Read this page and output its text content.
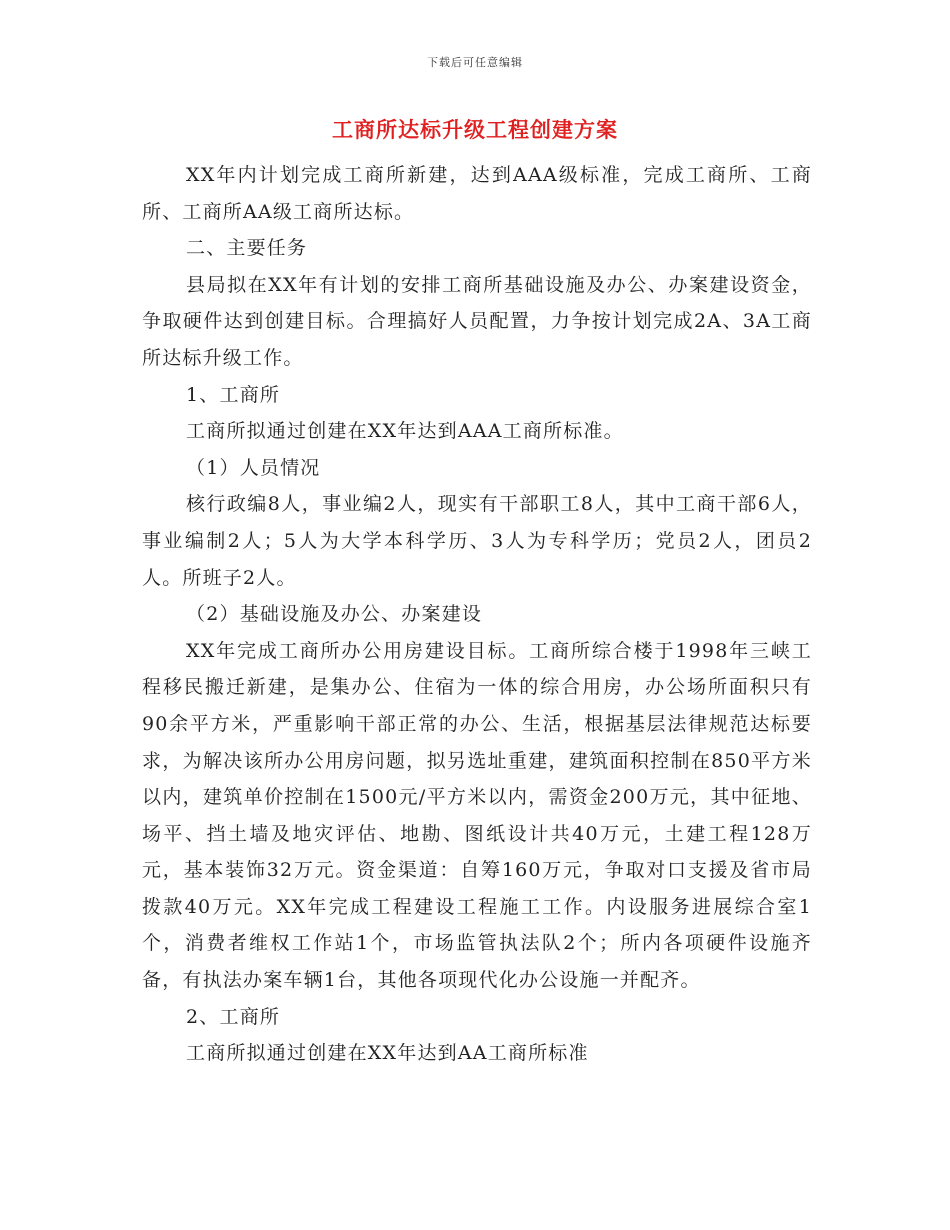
下载后可任意编辑
工商所达标升级工程创建方案

XX年内计划完成工商所新建，达到AAA级标准，完成工商所、工商所、工商所AA级工商所达标。

二、主要任务

县局拟在XX年有计划的安排工商所基础设施及办公、办案建设资金，争取硬件达到创建目标。合理搞好人员配置，力争按计划完成2A、3A工商所达标升级工作。

1、工商所

工商所拟通过创建在XX年达到AAA工商所标准。

（1）人员情况

核行政编8人，事业编2人，现实有干部职工8人，其中工商干部6人，事业编制2人；5人为大学本科学历、3人为专科学历；党员2人，团员2人。所班子2人。

（2）基础设施及办公、办案建设

XX年完成工商所办公用房建设目标。工商所综合楼于1998年三峡工程移民搬迁新建，是集办公、住宿为一体的综合用房，办公场所面积只有90余平方米，严重影响干部正常的办公、生活，根据基层法律规范达标要求，为解决该所办公用房问题，拟另选址重建，建筑面积控制在850平方米以内，建筑单价控制在1500元/平方米以内，需资金200万元，其中征地、场平、挡土墙及地灾评估、地勘、图纸设计共40万元，土建工程128万元，基本装饰32万元。资金渠道：自筹160万元，争取对口支援及省市局拨款40万元。XX年完成工程建设工程施工工作。内设服务进展综合室1个，消费者维权工作站1个，市场监管执法队2个；所内各项硬件设施齐备，有执法办案车辆1台，其他各项现代化办公设施一并配齐。

2、工商所

工商所拟通过创建在XX年达到AA工商所标准
